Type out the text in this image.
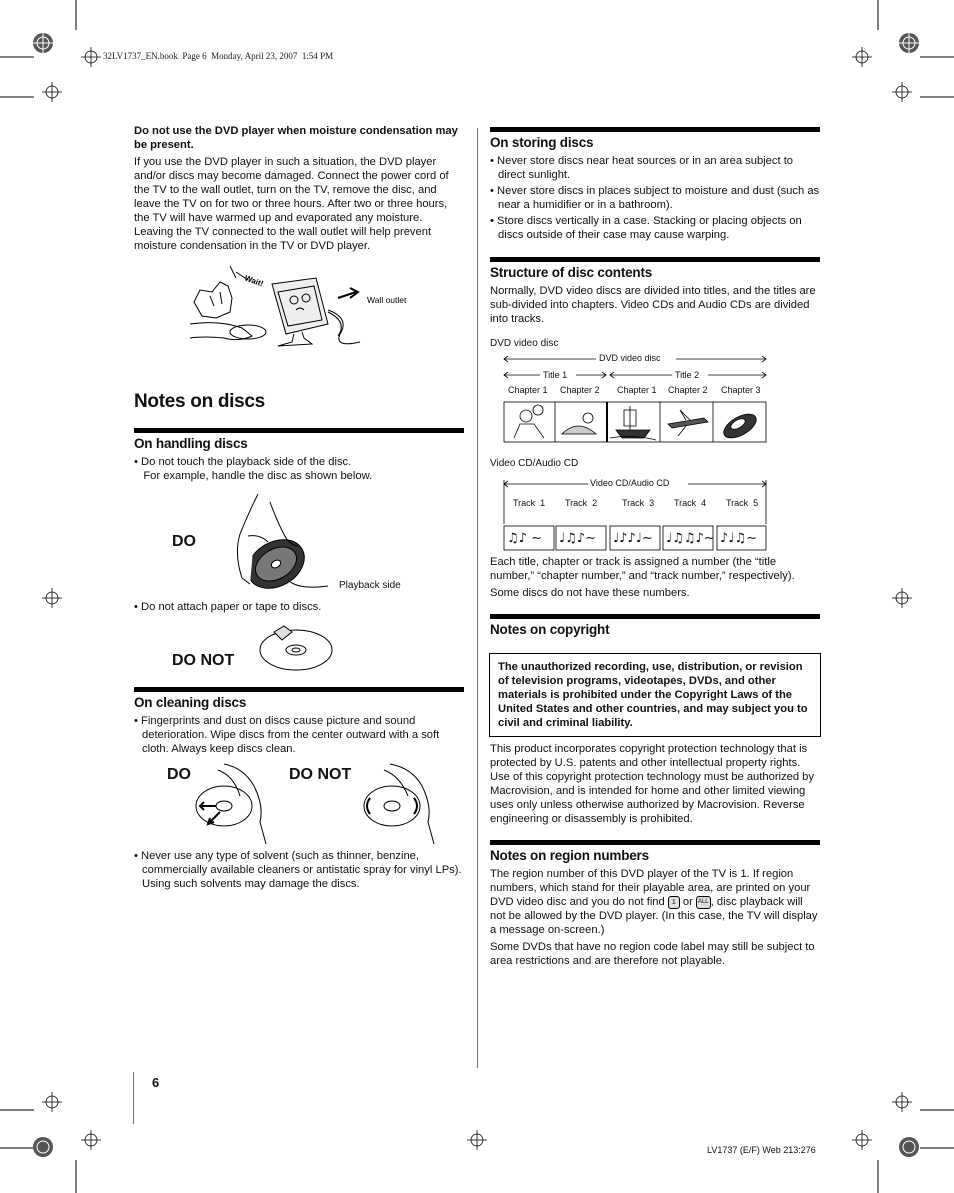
32LV1737_EN.book  Page 6  Monday, April 23, 2007  1:54 PM

Do not use the DVD player when moisture condensation may be present.

If you use the DVD player in such a situation, the DVD player and/or discs may become damaged. Connect the power cord of the TV to the wall outlet, turn on the TV, remove the disc, and leave the TV on for two or three hours. After two or three hours, the TV will have warmed up and evaporated any moisture. Leaving the TV connected to the wall outlet will help prevent moisture condensation in the TV or DVD player.

Wait!
Wall outlet
Notes on discs
On handling discs

• Do not touch the playback side of the disc.
For example, handle the disc as shown below.

DO
Playback side
• Do not attach paper or tape to discs.
DO NOT
On cleaning discs
• Fingerprints and dust on discs cause picture and sound deterioration. Wipe discs from the center outward with a soft cloth. Always keep discs clean.
DO	DO NOT
• Never use any type of solvent (such as thinner, benzine, commercially available cleaners or antistatic spray for vinyl LPs). Using such solvents may damage the discs.
On storing discs
• Never store discs near heat sources or in an area subject to direct sunlight.
• Never store discs in places subject to moisture and dust (such as near a humidifier or in a bathroom).
• Store discs vertically in a case. Stacking or placing objects on discs outside of their case may cause warping.
Structure of disc contents

Normally, DVD video discs are divided into titles, and the titles are sub-divided into chapters. Video CDs and Audio CDs are divided into tracks.

DVD video disc
DVD video disc
Title 1	Title 2
Chapter 1 Chapter 2 Chapter 1 Chapter 2 Chapter 3
Video CD/Audio CD
Video CD/Audio CD
Track  1 Track  2	Track  3 Track  4 Track  5
♫♪ ∼ ♩♫♪∼ ♩♪♪♩∼ ♩♫♫♪∼ ♪♩♫∼

Each title, chapter or track is assigned a number (the “title number,” “chapter number,” and “track number,” respectively).

Some discs do not have these numbers.

Notes on copyright
The unauthorized recording, use, distribution, or revision of television programs, videotapes, DVDs, and other materials is prohibited under the Copyright Laws of the United States and other countries, and may subject you to civil and criminal liability.

This product incorporates copyright protection technology that is protected by U.S. patents and other intellectual property rights. Use of this copyright protection technology must be authorized by Macrovision, and is intended for home and other limited viewing uses only unless otherwise authorized by Macrovision. Reverse engineering or disassembly is prohibited.

Notes on region numbers

The region number of this DVD player of the TV is 1. If region numbers, which stand for their playable area, are printed on your DVD video disc and you do not find 1 or ALL , disc playback will not be allowed by the DVD player. (In this case, the TV will display a message on-screen.)

Some DVDs that have no region code label may still be subject to area restrictions and are therefore not playable.

6
LV1737 (E/F) Web 213:276
